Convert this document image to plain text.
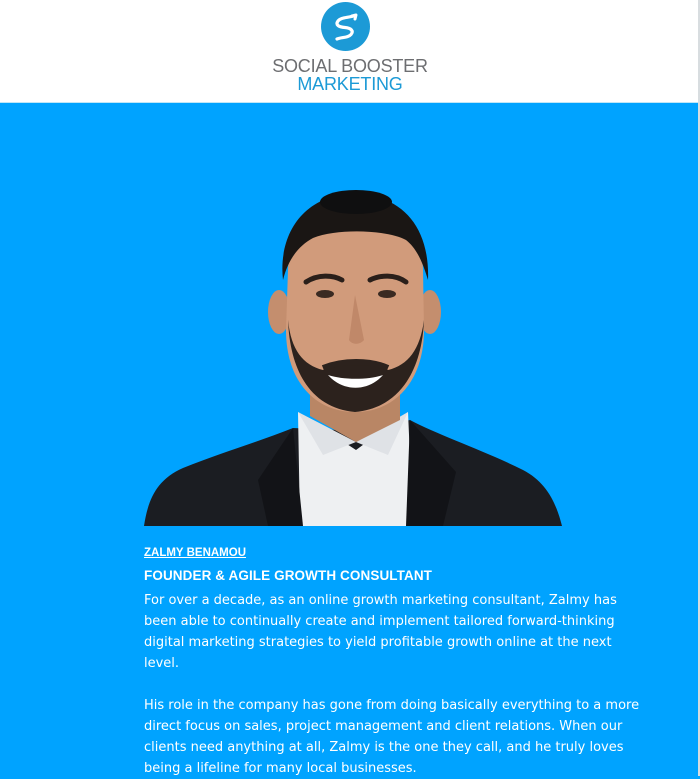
SOCIAL BOOSTER
MARKETING
ZALMY BENAMOU
FOUNDER & AGILE GROWTH CONSULTANT

For over a decade, as an online growth marketing consultant, Zalmy has been able to continually create and implement tailored forward-thinking digital marketing strategies to yield profitable growth online at the next level.

His role in the company has gone from doing basically everything to a more direct focus on sales, project management and client relations. When our clients need anything at all, Zalmy is the one they call, and he truly loves being a lifeline for many local businesses.
